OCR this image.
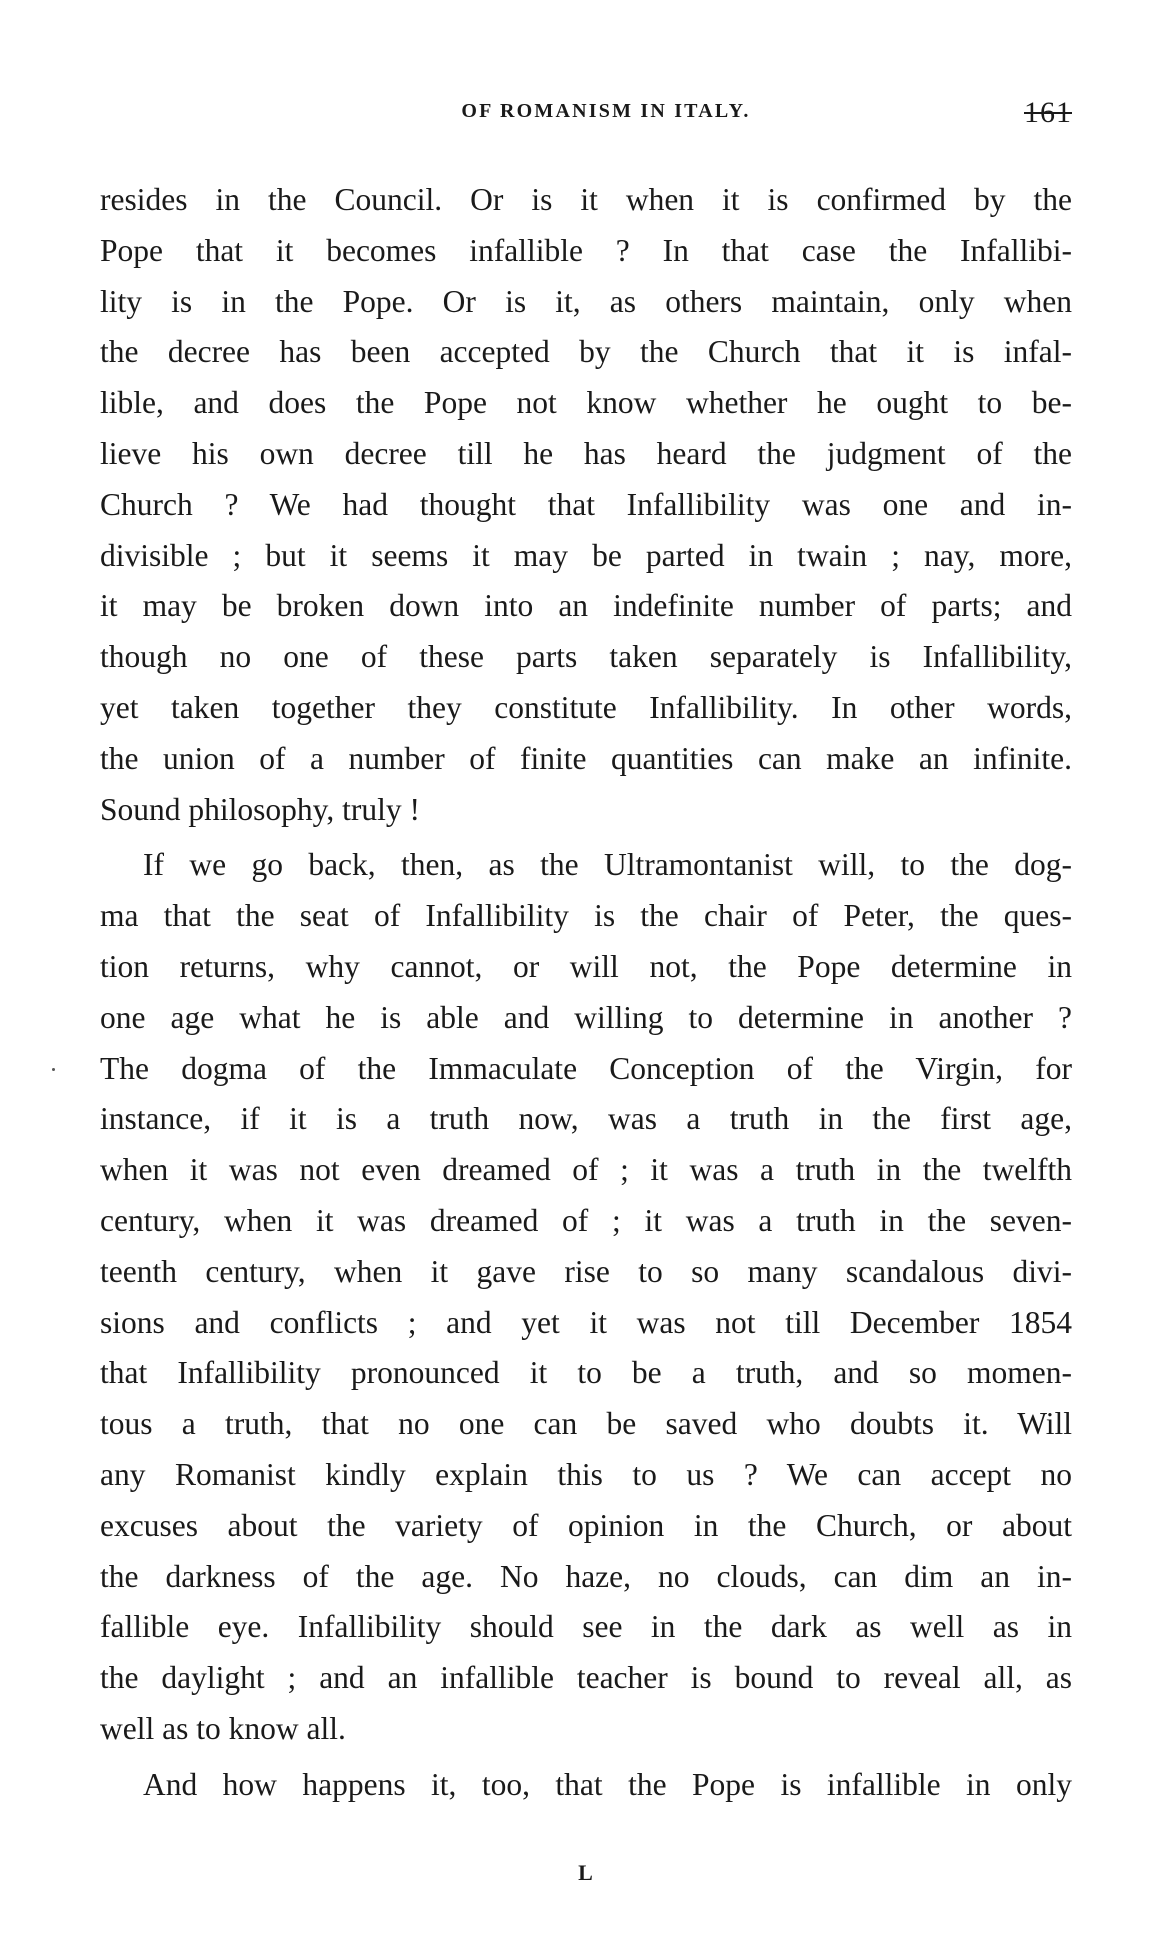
OF ROMANISM IN ITALY.	161
resides in the Council. Or is it when it is confirmed by the
Pope that it becomes infallible ? In that case the Infallibi-
lity is in the Pope. Or is it, as others maintain, only when
the decree has been accepted by the Church that it is infal-
lible, and does the Pope not know whether he ought to be-
lieve his own decree till he has heard the judgment of the
Church ? We had thought that Infallibility was one and in-
divisible ; but it seems it may be parted in twain ; nay, more,
it may be broken down into an indefinite number of parts; and
though no one of these parts taken separately is Infallibility,
yet taken together they constitute Infallibility. In other words,
the union of a number of finite quantities can make an infinite.
Sound philosophy, truly !
If we go back, then, as the Ultramontanist will, to the dog-
ma that the seat of Infallibility is the chair of Peter, the ques-
tion returns, why cannot, or will not, the Pope determine in
one age what he is able and willing to determine in another ?
The dogma of the Immaculate Conception of the Virgin, for
instance, if it is a truth now, was a truth in the first age,
when it was not even dreamed of ; it was a truth in the twelfth
century, when it was dreamed of ; it was a truth in the seven-
teenth century, when it gave rise to so many scandalous divi-
sions and conflicts ; and yet it was not till December 1854
that Infallibility pronounced it to be a truth, and so momen-
tous a truth, that no one can be saved who doubts it. Will
any Romanist kindly explain this to us ? We can accept no
excuses about the variety of opinion in the Church, or about
the darkness of the age. No haze, no clouds, can dim an in-
fallible eye. Infallibility should see in the dark as well as in
the daylight ; and an infallible teacher is bound to reveal all, as
well as to know all.
And how happens it, too, that the Pope is infallible in only
L
